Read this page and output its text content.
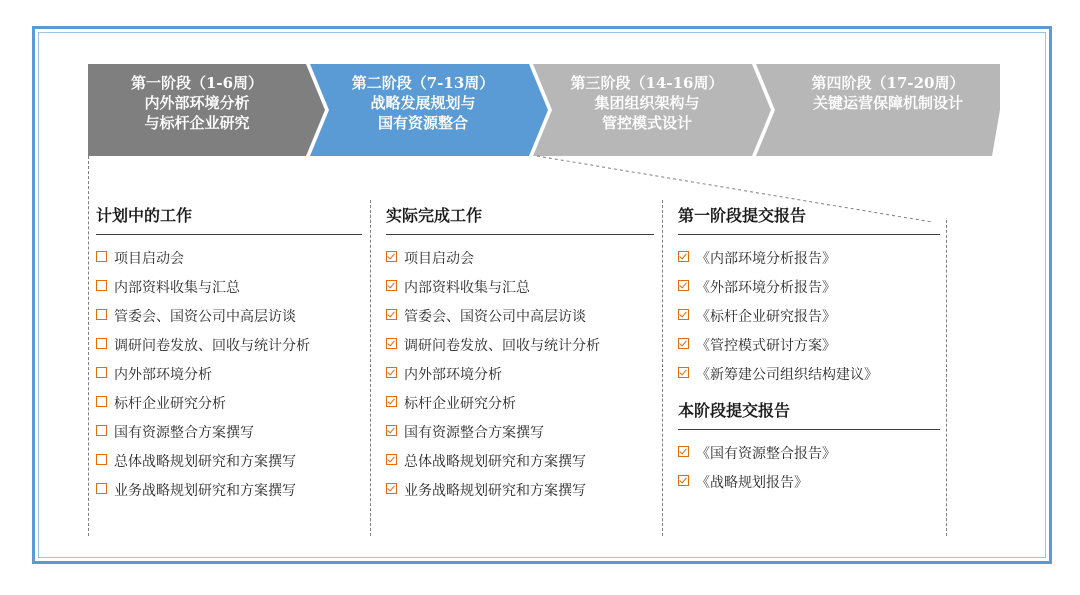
第一阶段（1-6周）
内外部环境分析
与标杆企业研究
第二阶段（7-13周）
战略发展规划与
国有资源整合
第三阶段（14-16周）
集团组织架构与
管控模式设计
第四阶段（17-20周）
关键运营保障机制设计
计划中的工作
项目启动会
内部资料收集与汇总
管委会、国资公司中高层访谈
调研问卷发放、回收与统计分析
内外部环境分析
标杆企业研究分析
国有资源整合方案撰写
总体战略规划研究和方案撰写
业务战略规划研究和方案撰写
实际完成工作
项目启动会
内部资料收集与汇总
管委会、国资公司中高层访谈
调研问卷发放、回收与统计分析
内外部环境分析
标杆企业研究分析
国有资源整合方案撰写
总体战略规划研究和方案撰写
业务战略规划研究和方案撰写
第一阶段提交报告
《内部环境分析报告》
《外部环境分析报告》
《标杆企业研究报告》
《管控模式研讨方案》
《新筹建公司组织结构建议》
本阶段提交报告
《国有资源整合报告》
《战略规划报告》
